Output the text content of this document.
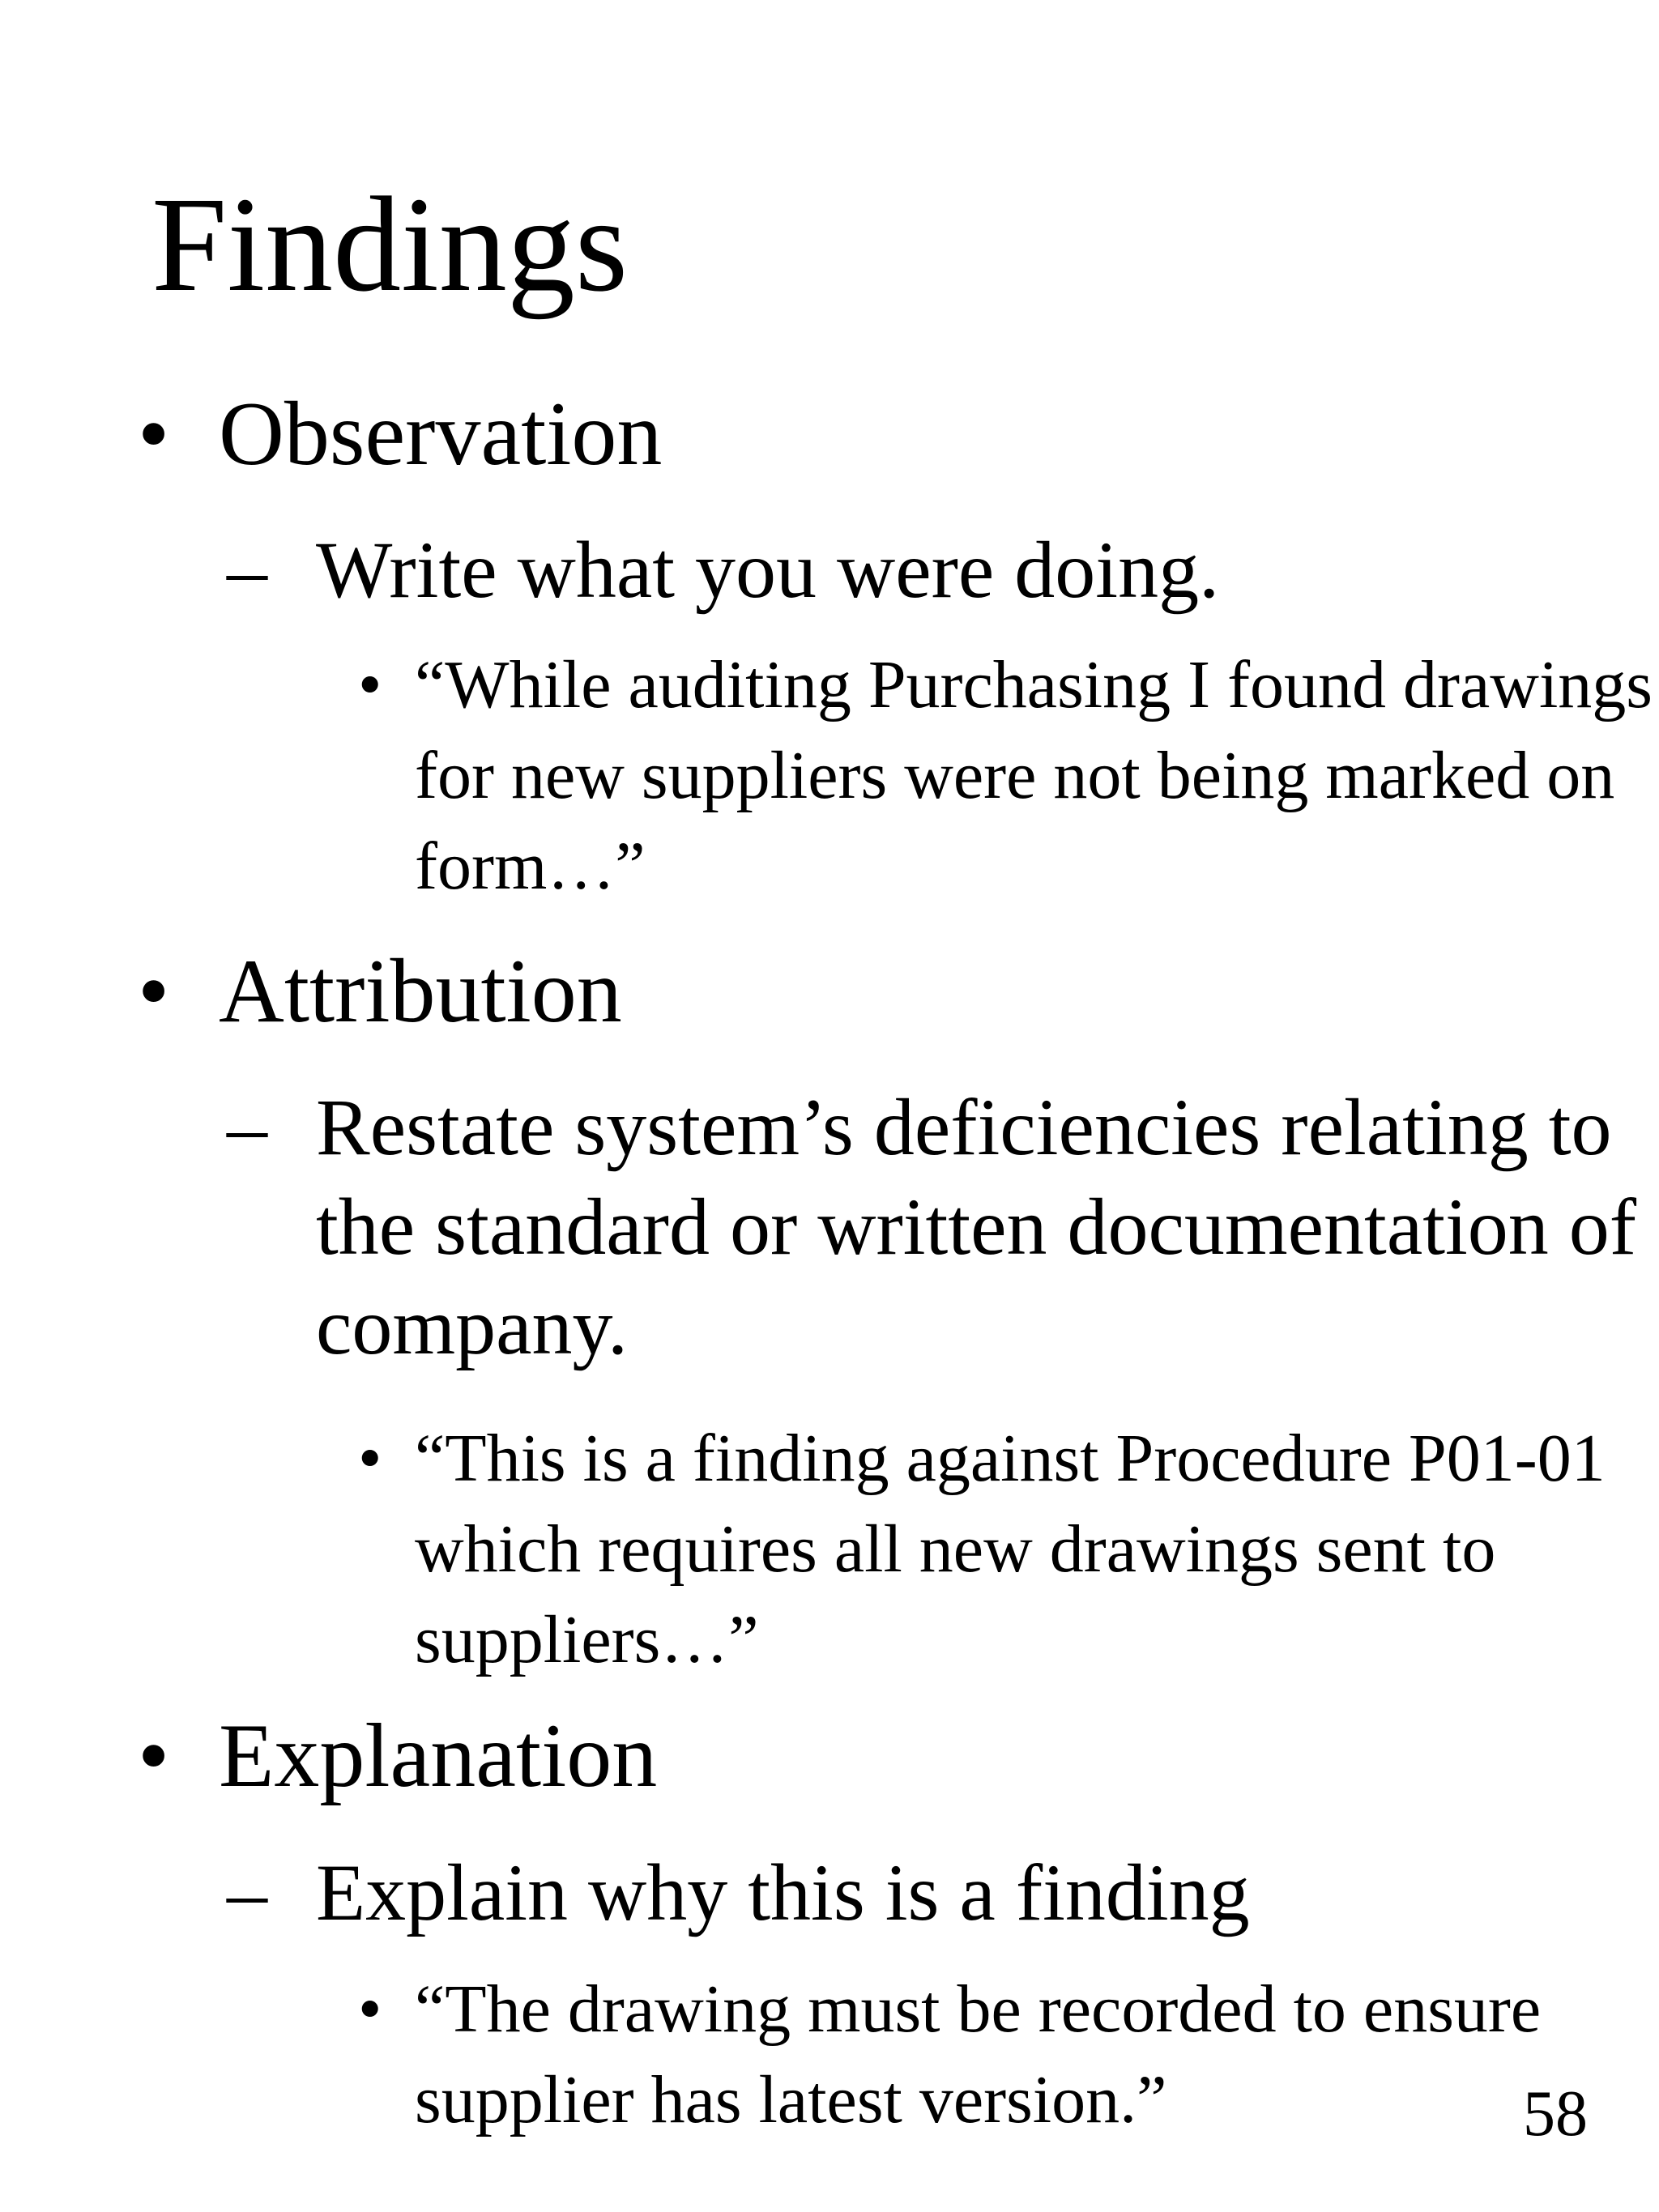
Findings
• Observation
– Write what you were doing.
• “While auditing Purchasing I found drawings for new suppliers were not being marked on form…”
• Attribution
– Restate system’s deficiencies relating to the standard or written documentation of company.
• “This is a finding against Procedure P01-01 which requires all new drawings sent to suppliers…”
• Explanation
– Explain why this is a finding
• “The drawing must be recorded to ensure supplier has latest version.”	58
